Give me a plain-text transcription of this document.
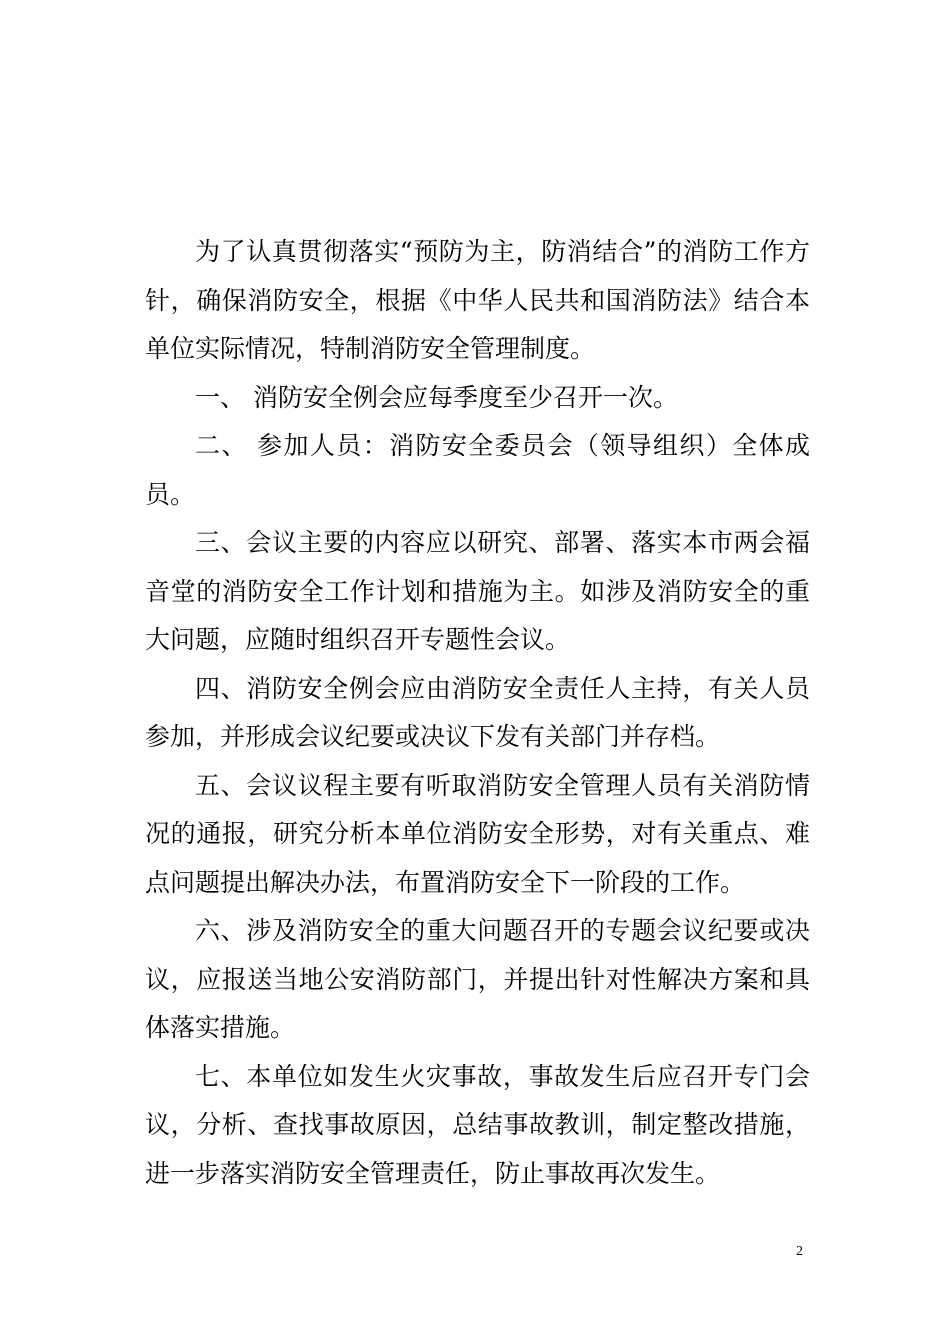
为了认真贯彻落实“预防为主，防消结合”的消防工作方针，确保消防安全，根据《中华人民共和国消防法》结合本单位实际情况，特制消防安全管理制度。

一、 消防安全例会应每季度至少召开一次。

二、 参加人员：消防安全委员会（领导组织）全体成员。

三、会议主要的内容应以研究、部署、落实本市两会福音堂的消防安全工作计划和措施为主。如涉及消防安全的重大问题，应随时组织召开专题性会议。

四、消防安全例会应由消防安全责任人主持，有关人员参加，并形成会议纪要或决议下发有关部门并存档。

五、会议议程主要有听取消防安全管理人员有关消防情况的通报，研究分析本单位消防安全形势，对有关重点、难点问题提出解决办法，布置消防安全下一阶段的工作。

六、涉及消防安全的重大问题召开的专题会议纪要或决议，应报送当地公安消防部门，并提出针对性解决方案和具体落实措施。

七、本单位如发生火灾事故，事故发生后应召开专门会议，分析、查找事故原因，总结事故教训，制定整改措施，进一步落实消防安全管理责任，防止事故再次发生。

2
